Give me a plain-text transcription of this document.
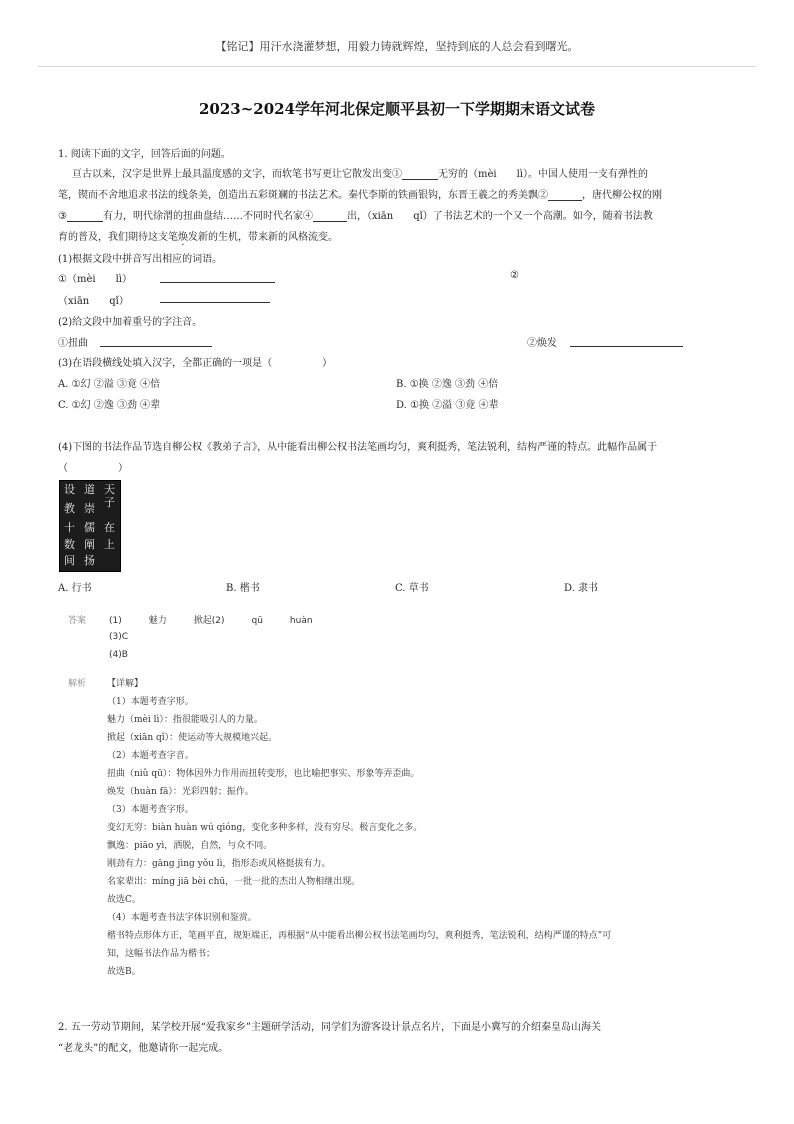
【铭记】用汗水浇灌梦想，用毅力铸就辉煌，坚持到底的人总会看到曙光。
2023~2024学年河北保定顺平县初一下学期期末语文试卷
1. 阅读下面的文字，回答后面的问题。
亘古以来，汉字是世界上最具温度感的文字，而软笔书写更让它散发出变①	无穷的（mèi　　lì）。中国人使用一支有弹性的
笔，锲而不舍地追求书法的线条美，创造出五彩斑斓的书法艺术。秦代李斯的铁画银钩，东晋王羲之的秀美飘②	，唐代柳公权的刚
③	有力，明代徐渭的扭曲盘结……不同时代名家④	出，（xiān　　qǐ）了书法艺术的一个又一个高潮。如今，随着书法教
育的普及，我们期待这支笔焕发新的生机，带来新的风格流变。
(1)根据文段中拼音写出相应的词语。
①（mèi　　lì）	②
（xiān　　qǐ）
(2)给文段中加着重号的字注音。
①扭曲	②焕发
(3)在语段横线处填入汉字，全都正确的一项是（　　　　　）
A. ①幻 ②溢 ③竟 ④倍	B. ①换 ②逸 ③劲 ④倍
C. ①幻 ②逸 ③劲 ④辈	D. ①换 ②溢 ③竟 ④辈
(4)下图的书法作品节选自柳公权《教弟子言》，从中能看出柳公权书法笔画均匀，爽利挺秀，笔法锐利，结构严谨的特点。此幅作品属于
（　　　　　）
天
子
在
上
道
崇
儒
阐
扬
设
教
十
数
间
A. 行书	B. 楷书	C. 草书	D. 隶书
答案	(1)　　　魅力　　　掀起(2)　　　qū　　　huàn
(3)C
(4)B
解析 【详解】
（1）本题考查字形。
魅力（mèi lì）：指很能吸引人的力量。
掀起（xiān qǐ）：使运动等大规模地兴起。
（2）本题考查字音。
扭曲（niǔ qū）：物体因外力作用而扭转变形，也比喻把事实、形象等弄歪曲。
焕发（huàn fā）：光彩四射；振作。
（3）本题考查字形。
变幻无穷：biàn huàn wú qióng，变化多种多样，没有穷尽。极言变化之多。
飘逸：piāo yì，洒脱，自然，与众不同。
刚劲有力：gāng jìng yǒu lì，指形态或风格挺拔有力。
名家辈出：míng jiā bèi chū，一批一批的杰出人物相继出现。
故选C。
（4）本题考查书法字体识别和鉴赏。
楷书特点形体方正，笔画平直，规矩端正，再根据“从中能看出柳公权书法笔画均匀，爽利挺秀，笔法锐利，结构严谨的特点”可
知，这幅书法作品为楷书；
故选B。
2. 五一劳动节期间，某学校开展“爱我家乡”主题研学活动，同学们为游客设计景点名片，下面是小冀写的介绍秦皇岛山海关
“老龙头”的配文，他邀请你一起完成。
